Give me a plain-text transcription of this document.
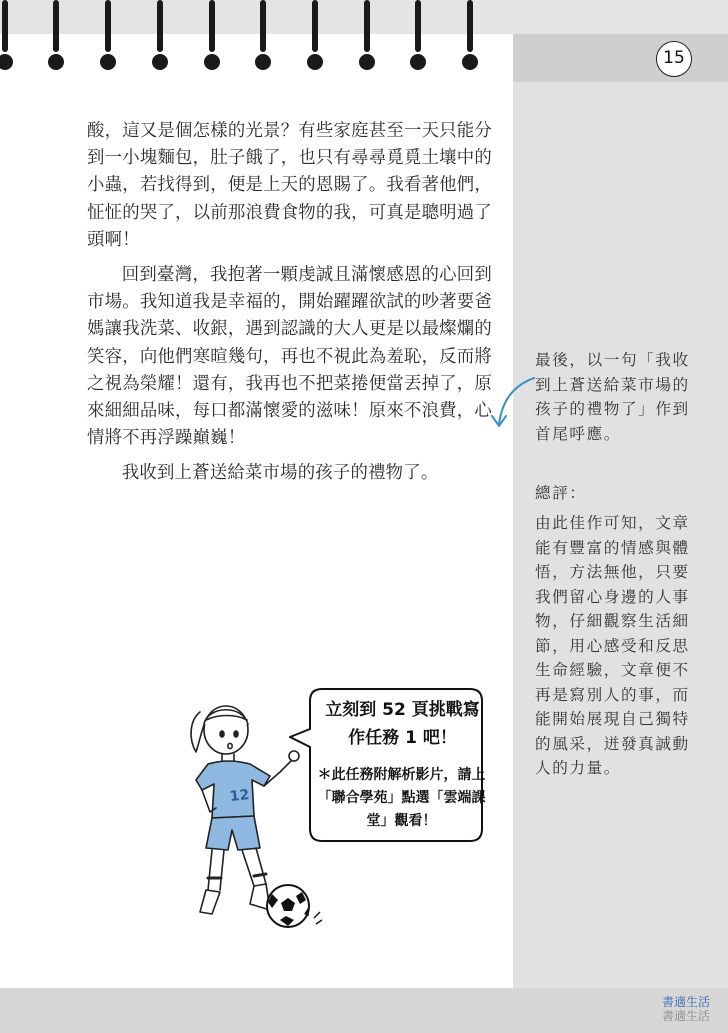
15

酸，這又是個怎樣的光景？有些家庭甚至一天只能分到一小塊麵包，肚子餓了，也只有尋尋覓覓土壤中的小蟲，若找得到，便是上天的恩賜了。我看著他們，怔怔的哭了，以前那浪費食物的我，可真是聰明過了頭啊！

回到臺灣，我抱著一顆虔誠且滿懷感恩的心回到市場。我知道我是幸福的，開始躍躍欲試的吵著要爸媽讓我洗菜、收銀，遇到認識的大人更是以最燦爛的笑容，向他們寒暄幾句，再也不視此為羞恥，反而將之視為榮耀！還有，我再也不把菜捲便當丟掉了，原來細細品味，每口都滿懷愛的滋味！原來不浪費，心情將不再浮躁巔巍！

我收到上蒼送給菜市場的孩子的禮物了。

最後，以一句「我收到上蒼送給菜市場的孩子的禮物了」作到首尾呼應。
總評：
由此佳作可知，文章能有豐富的情感與體悟，方法無他，只要我們留心身邊的人事物，仔細觀察生活細節，用心感受和反思生命經驗，文章便不再是寫別人的事，而能開始展現自己獨特的風采，迸發真誠動人的力量。
立刻到 52 頁挑戰寫作任務 1 吧！
＊此任務附解析影片，請上「聯合學苑」點選「雲端課堂」觀看！
12
書適生活
書適生活
